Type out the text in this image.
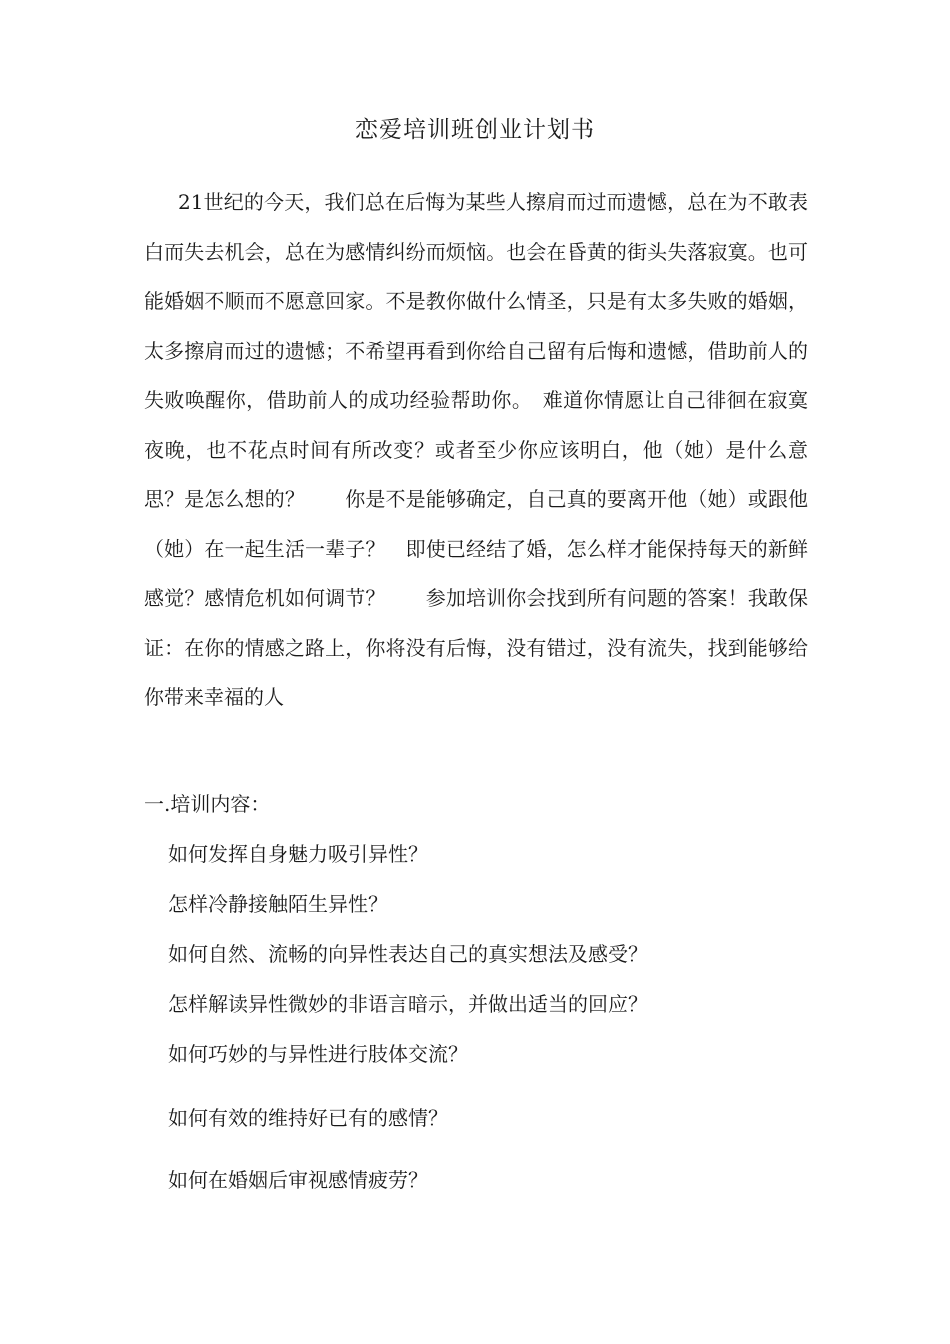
恋爱培训班创业计划书

21世纪的今天，我们总在后悔为某些人擦肩而过而遗憾，总在为不敢表白而失去机会，总在为感情纠纷而烦恼。也会在昏黄的街头失落寂寞。也可能婚姻不顺而不愿意回家。不是教你做什么情圣，只是有太多失败的婚姻，太多擦肩而过的遗憾；不希望再看到你给自己留有后悔和遗憾，借助前人的失败唤醒你，借助前人的成功经验帮助你。　难道你情愿让自己徘徊在寂寞夜晚，也不花点时间有所改变？或者至少你应该明白，他（她）是什么意思？是怎么想的？　　你是不是能够确定，自己真的要离开他（她）或跟他（她）在一起生活一辈子？　即使已经结了婚，怎么样才能保持每天的新鲜感觉？感情危机如何调节？　　参加培训你会找到所有问题的答案！我敢保证：在你的情感之路上，你将没有后悔，没有错过，没有流失，找到能够给你带来幸福的人

一.培训内容：
如何发挥自身魅力吸引异性？
怎样冷静接触陌生异性？
如何自然、流畅的向异性表达自己的真实想法及感受？
怎样解读异性微妙的非语言暗示，并做出适当的回应？
如何巧妙的与异性进行肢体交流？
如何有效的维持好已有的感情？
如何在婚姻后审视感情疲劳？
